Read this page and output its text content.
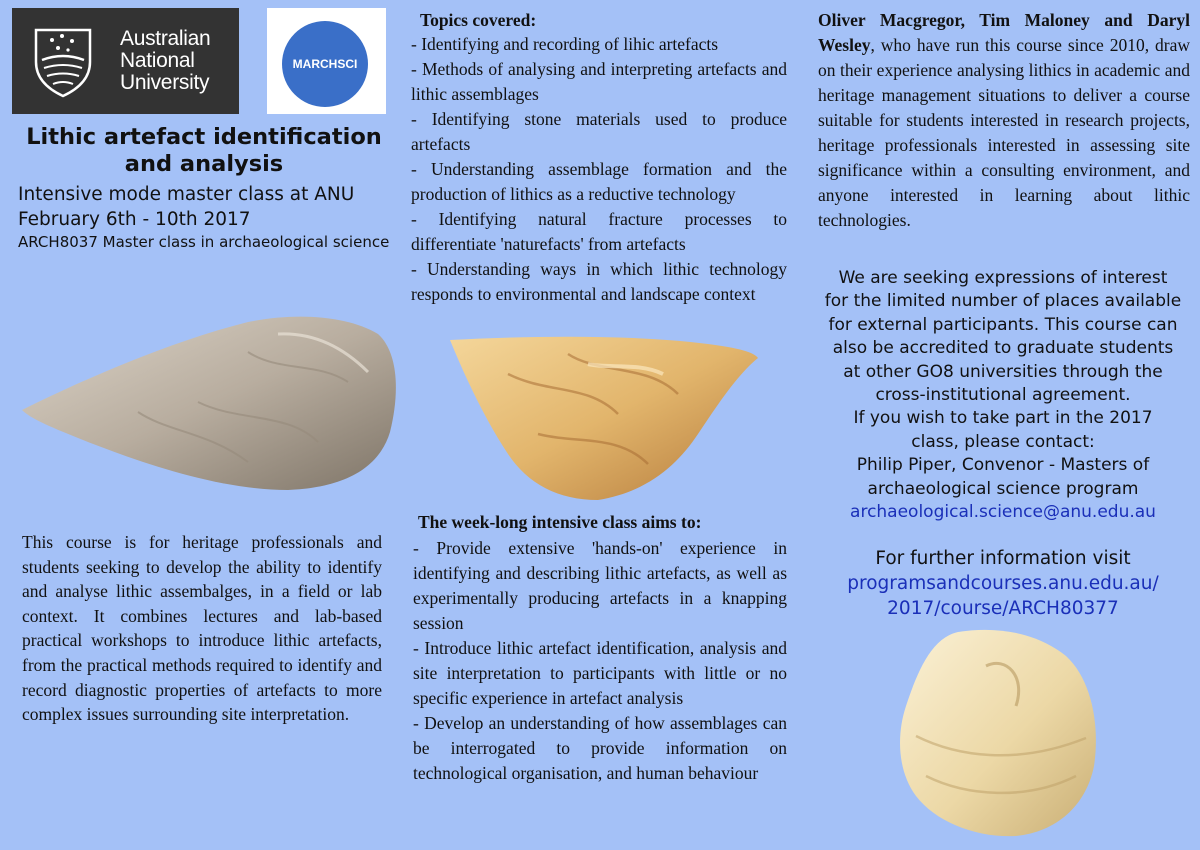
Australian
National
University
MARCHSCI
Lithic artefact identification
and analysis
Intensive mode master class at ANU
February 6th - 10th 2017
ARCH8037 Master class in archaeological science
This course is for heritage professionals and students seeking to develop the ability to identify and analyse lithic assembalges, in a field or lab context. It combines lectures and lab-based practical workshops to introduce lithic artefacts, from the practical methods required to identify and record diagnostic properties of artefacts to more complex issues surrounding site interpretation.
Topics covered:

- Identifying and recording of lihic artefacts

- Methods of analysing and interpreting artefacts and lithic assemblages

- Identifying stone materials used to produce artefacts

- Understanding assemblage formation and the production of lithics as a reductive technology

- Identifying natural fracture processes to differentiate 'naturefacts' from artefacts

- Understanding ways in which lithic technology responds to environmental and landscape context

The week-long intensive class aims to:

- Provide extensive 'hands-on' experience in identifying and describing lithic artefacts, as well as experimentally producing artefacts in a knapping session

- Introduce lithic artefact identification, analysis and site interpretation to participants with little or no specific experience in artefact analysis

- Develop an understanding of how assemblages can be interrogated to provide information on technological organisation, and human behaviour

Oliver Macgregor, Tim Maloney and Daryl Wesley, who have run this course since 2010, draw on their experience analysing lithics in academic and heritage management situations to deliver a course suitable for students interested in research projects, heritage professionals interested in assessing site significance within a consulting environment, and anyone interested in learning about lithic technologies.
We are seeking expressions of interest
for the limited number of places available
for external participants. This course can
also be accredited to graduate students
at other GO8 universities through the
cross-institutional agreement.
If you wish to take part in the 2017
class, please contact:
Philip Piper, Convenor - Masters of
archaeological science program
archaeological.science@anu.edu.au
For further information visit
programsandcourses.anu.edu.au/
2017/course/ARCH80377
